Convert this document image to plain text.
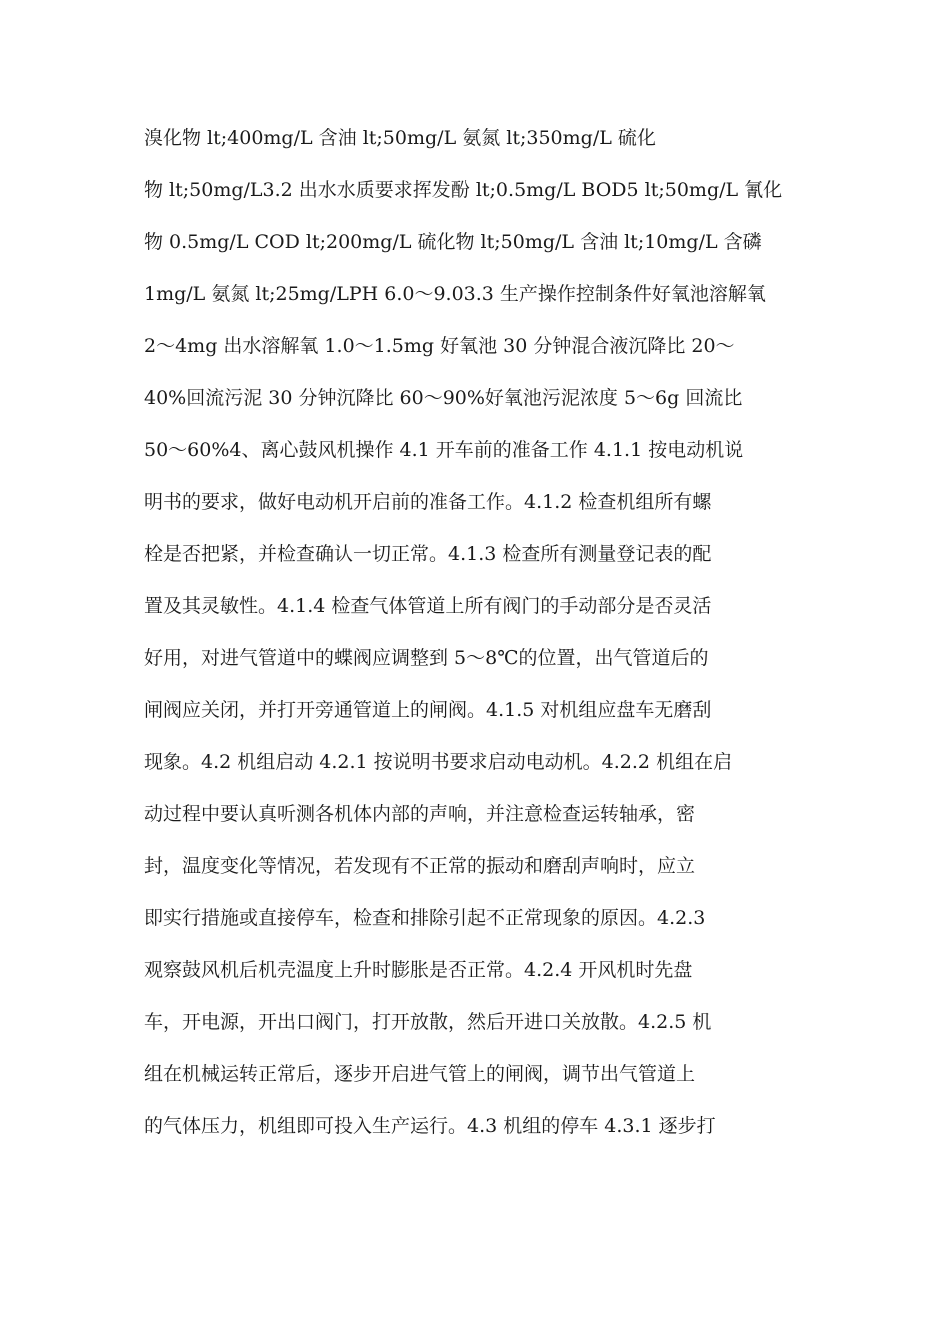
溴化物 lt;400mg/L 含油 lt;50mg/L 氨氮 lt;350mg/L 硫化
物 lt;50mg/L3.2 出水水质要求挥发酚 lt;0.5mg/L BOD5 lt;50mg/L 氰化
物 0.5mg/L COD lt;200mg/L 硫化物 lt;50mg/L 含油 lt;10mg/L 含磷
1mg/L 氨氮 lt;25mg/LPH 6.0～9.03.3 生产操作控制条件好氧池溶解氧
2～4mg 出水溶解氧 1.0～1.5mg 好氧池 30 分钟混合液沉降比 20～
40%回流污泥 30 分钟沉降比 60～90%好氧池污泥浓度 5～6g 回流比
50～60%4、离心鼓风机操作 4.1 开车前的准备工作 4.1.1 按电动机说
明书的要求，做好电动机开启前的准备工作。4.1.2 检查机组所有螺
栓是否把紧，并检查确认一切正常。4.1.3 检查所有测量登记表的配
置及其灵敏性。4.1.4 检查气体管道上所有阀门的手动部分是否灵活
好用，对进气管道中的蝶阀应调整到 5～8℃的位置，出气管道后的
闸阀应关闭，并打开旁通管道上的闸阀。4.1.5 对机组应盘车无磨刮
现象。4.2 机组启动 4.2.1 按说明书要求启动电动机。4.2.2 机组在启
动过程中要认真听测各机体内部的声响，并注意检查运转轴承，密
封，温度变化等情况，若发现有不正常的振动和磨刮声响时，应立
即实行措施或直接停车，检查和排除引起不正常现象的原因。4.2.3
观察鼓风机后机壳温度上升时膨胀是否正常。4.2.4 开风机时先盘
车，开电源，开出口阀门，打开放散，然后开进口关放散。4.2.5 机
组在机械运转正常后，逐步开启进气管上的闸阀，调节出气管道上
的气体压力，机组即可投入生产运行。4.3 机组的停车 4.3.1 逐步打
